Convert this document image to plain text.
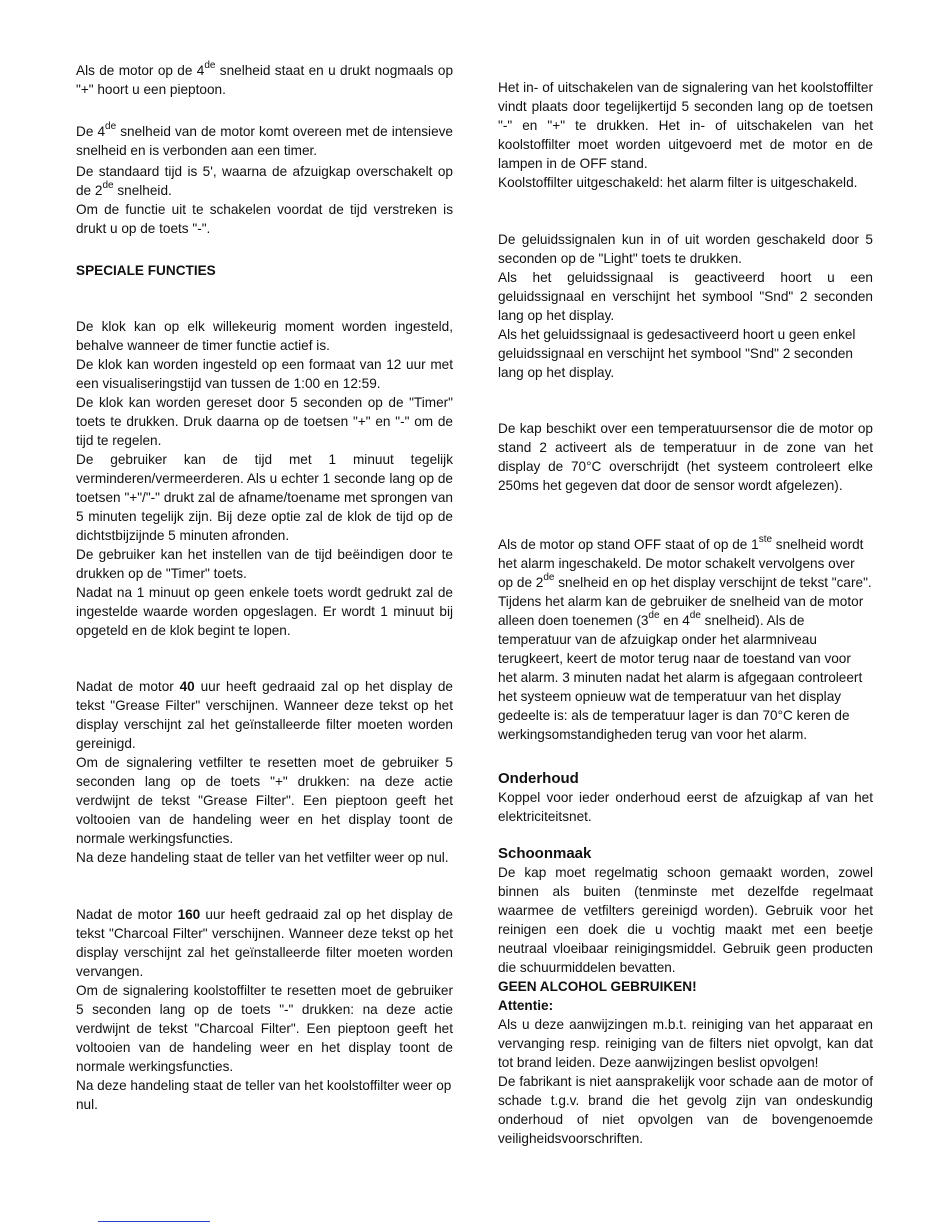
Als de motor op de 4de snelheid staat en u drukt nogmaals op "+" hoort u een pieptoon.

De 4de snelheid van de motor komt overeen met de intensieve snelheid en is verbonden aan een timer.

De standaard tijd is 5', waarna de afzuigkap overschakelt op de 2de snelheid.

Om de functie uit te schakelen voordat de tijd verstreken is drukt u op de toets "-".

SPECIALE FUNCTIES

De klok kan op elk willekeurig moment worden ingesteld, behalve wanneer de timer functie actief is.

De klok kan worden ingesteld op een formaat van 12 uur met een visualiseringstijd van tussen de 1:00 en 12:59.

De klok kan worden gereset door 5 seconden op de "Timer" toets te drukken. Druk daarna op de toetsen "+" en "-" om de tijd te regelen.

De gebruiker kan de tijd met 1 minuut tegelijk verminderen/vermeerderen. Als u echter 1 seconde lang op de toetsen "+"/"-" drukt zal de afname/toename met sprongen van 5 minuten tegelijk zijn. Bij deze optie zal de klok de tijd op de dichtstbijzijnde 5 minuten afronden.

De gebruiker kan het instellen van de tijd beëindigen door te drukken op de "Timer" toets.

Nadat na 1 minuut op geen enkele toets wordt gedrukt zal de ingestelde waarde worden opgeslagen. Er wordt 1 minuut bij opgeteld en de klok begint te lopen.

Nadat de motor 40 uur heeft gedraaid zal op het display de tekst "Grease Filter" verschijnen. Wanneer deze tekst op het display verschijnt zal het geïnstalleerde filter moeten worden gereinigd.

Om de signalering vetfilter te resetten moet de gebruiker 5 seconden lang op de toets "+" drukken: na deze actie verdwijnt de tekst "Grease Filter". Een pieptoon geeft het voltooien van de handeling weer en het display toont de normale werkingsfuncties.

Na deze handeling staat de teller van het vetfilter weer op nul.

Nadat de motor 160 uur heeft gedraaid zal op het display de tekst "Charcoal Filter" verschijnen. Wanneer deze tekst op het display verschijnt zal het geïnstalleerde filter moeten worden vervangen.

Om de signalering koolstoffilter te resetten moet de gebruiker 5 seconden lang op de toets "-" drukken: na deze actie verdwijnt de tekst "Charcoal Filter". Een pieptoon geeft het voltooien van de handeling weer en het display toont de normale werkingsfuncties.

Na deze handeling staat de teller van het koolstoffilter weer op nul.

Het in- of uitschakelen van de signalering van het koolstoffilter vindt plaats door tegelijkertijd 5 seconden lang op de toetsen "-" en "+" te drukken. Het in- of uitschakelen van het koolstoffilter moet worden uitgevoerd met de motor en de lampen in de OFF stand.

Koolstoffilter uitgeschakeld: het alarm filter is uitgeschakeld.

De geluidssignalen kun in of uit worden geschakeld door 5 seconden op de "Light" toets te drukken.

Als het geluidssignaal is geactiveerd hoort u een geluidssignaal en verschijnt het symbool "Snd" 2 seconden lang op het display.

Als het geluidssignaal is gedesactiveerd hoort u geen enkel geluidssignaal en verschijnt het symbool "Snd" 2 seconden lang op het display.

De kap beschikt over een temperatuursensor die de motor op stand 2 activeert als de temperatuur in de zone van het display de 70°C overschrijdt (het systeem controleert elke 250ms het gegeven dat door de sensor wordt afgelezen).

Als de motor op stand OFF staat of op de 1ste snelheid wordt het alarm ingeschakeld. De motor schakelt vervolgens over op de 2de snelheid en op het display verschijnt de tekst "care". Tijdens het alarm kan de gebruiker de snelheid van de motor alleen doen toenemen (3de en 4de snelheid). Als de temperatuur van de afzuigkap onder het alarmniveau terugkeert, keert de motor terug naar de toestand van voor het alarm. 3 minuten nadat het alarm is afgegaan controleert het systeem opnieuw wat de temperatuur van het display gedeelte is: als de temperatuur lager is dan 70°C keren de werkingsomstandigheden terug van voor het alarm.

Onderhoud

Koppel voor ieder onderhoud eerst de afzuigkap af van het elektriciteitsnet.

Schoonmaak

De kap moet regelmatig schoon gemaakt worden, zowel binnen als buiten (tenminste met dezelfde regelmaat waarmee de vetfilters gereinigd worden). Gebruik voor het reinigen een doek die u vochtig maakt met een beetje neutraal vloeibaar reinigingsmiddel. Gebruik geen producten die schuurmiddelen bevatten.

GEEN ALCOHOL GEBRUIKEN!

Attentie:

Als u deze aanwijzingen m.b.t. reiniging van het apparaat en vervanging resp. reiniging van de filters niet opvolgt, kan dat tot brand leiden. Deze aanwijzingen beslist opvolgen!

De fabrikant is niet aansprakelijk voor schade aan de motor of schade t.g.v. brand die het gevolg zijn van ondeskundig onderhoud of niet opvolgen van de bovengenoemde veiligheidsvoorschriften.
